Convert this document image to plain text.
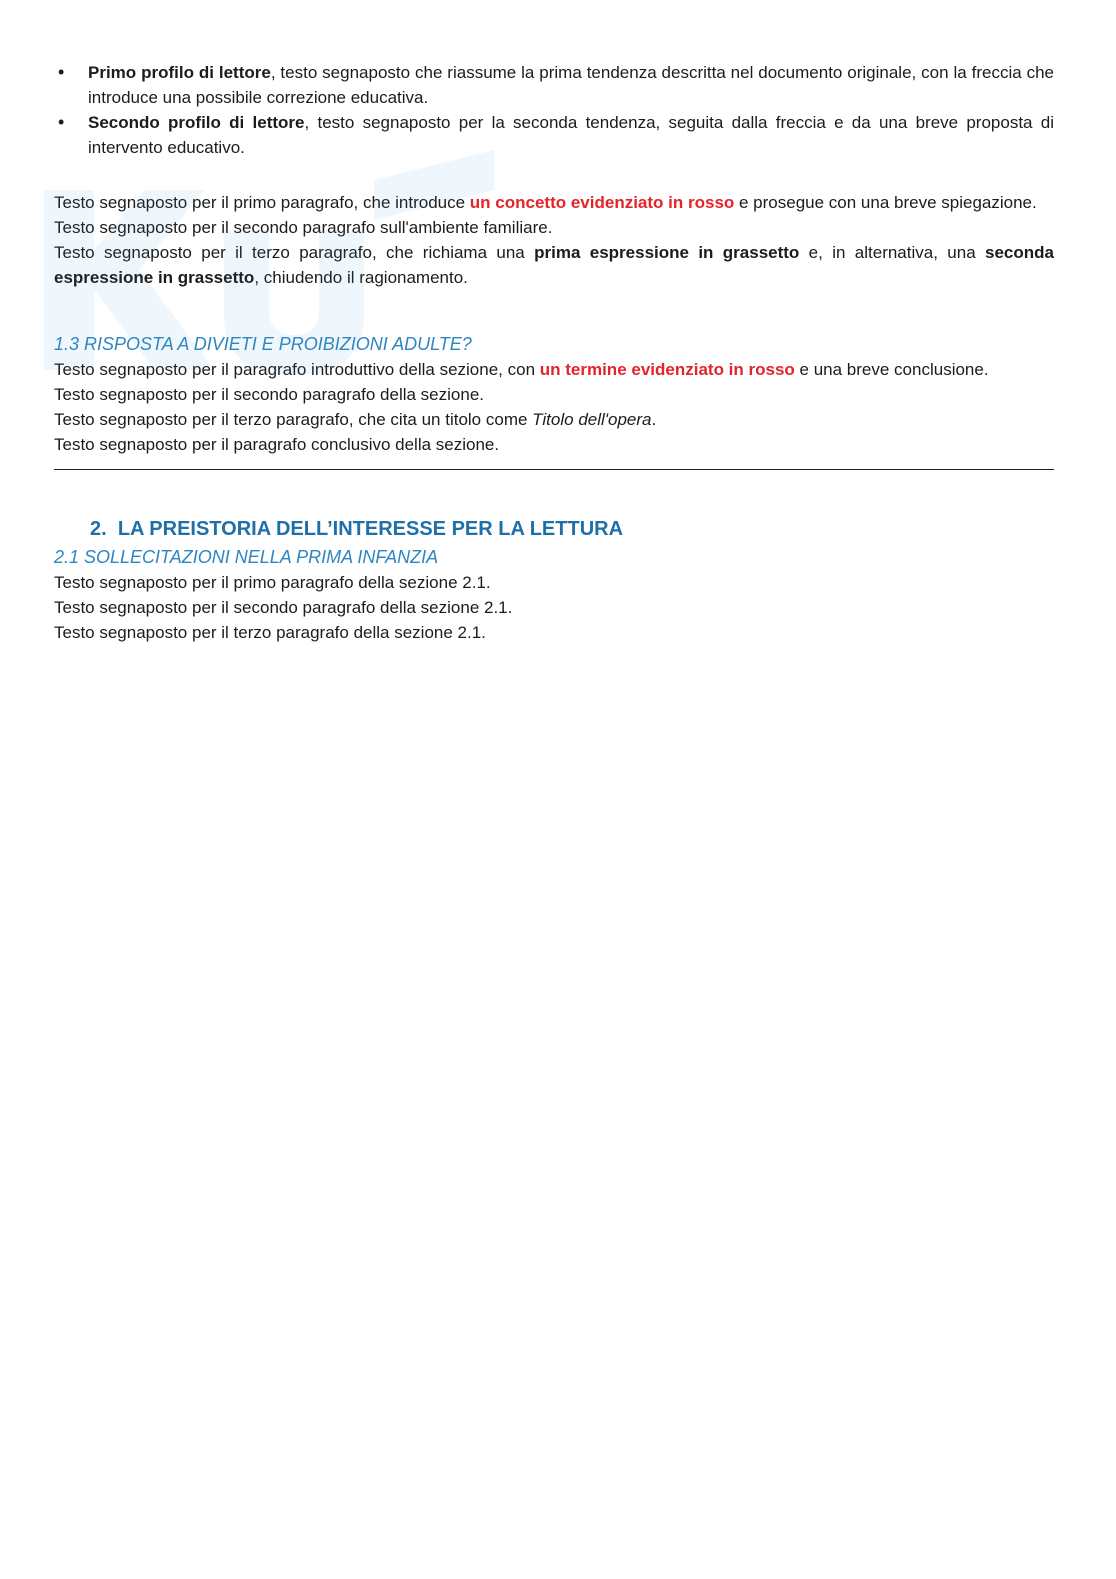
• Primo profilo di lettore, testo segnaposto che riassume la prima tendenza descritta nel documento originale, con la freccia che introduce una possibile correzione educativa.
• Secondo profilo di lettore, testo segnaposto per la seconda tendenza, seguita dalla freccia e da una breve proposta di intervento educativo.

Testo segnaposto per il primo paragrafo, che introduce un concetto evidenziato in rosso e prosegue con una breve spiegazione.

Testo segnaposto per il secondo paragrafo sull'ambiente familiare.

Testo segnaposto per il terzo paragrafo, che richiama una prima espressione in grassetto e, in alternativa, una seconda espressione in grassetto, chiudendo il ragionamento.

1.3 RISPOSTA A DIVIETI E PROIBIZIONI ADULTE?

Testo segnaposto per il paragrafo introduttivo della sezione, con un termine evidenziato in rosso e una breve conclusione.

Testo segnaposto per il secondo paragrafo della sezione.

Testo segnaposto per il terzo paragrafo, che cita un titolo come Titolo dell'opera.

Testo segnaposto per il paragrafo conclusivo della sezione.

2. LA PREISTORIA DELL’INTERESSE PER LA LETTURA

2.1 SOLLECITAZIONI NELLA PRIMA INFANZIA

Testo segnaposto per il primo paragrafo della sezione 2.1.

Testo segnaposto per il secondo paragrafo della sezione 2.1.

Testo segnaposto per il terzo paragrafo della sezione 2.1.
